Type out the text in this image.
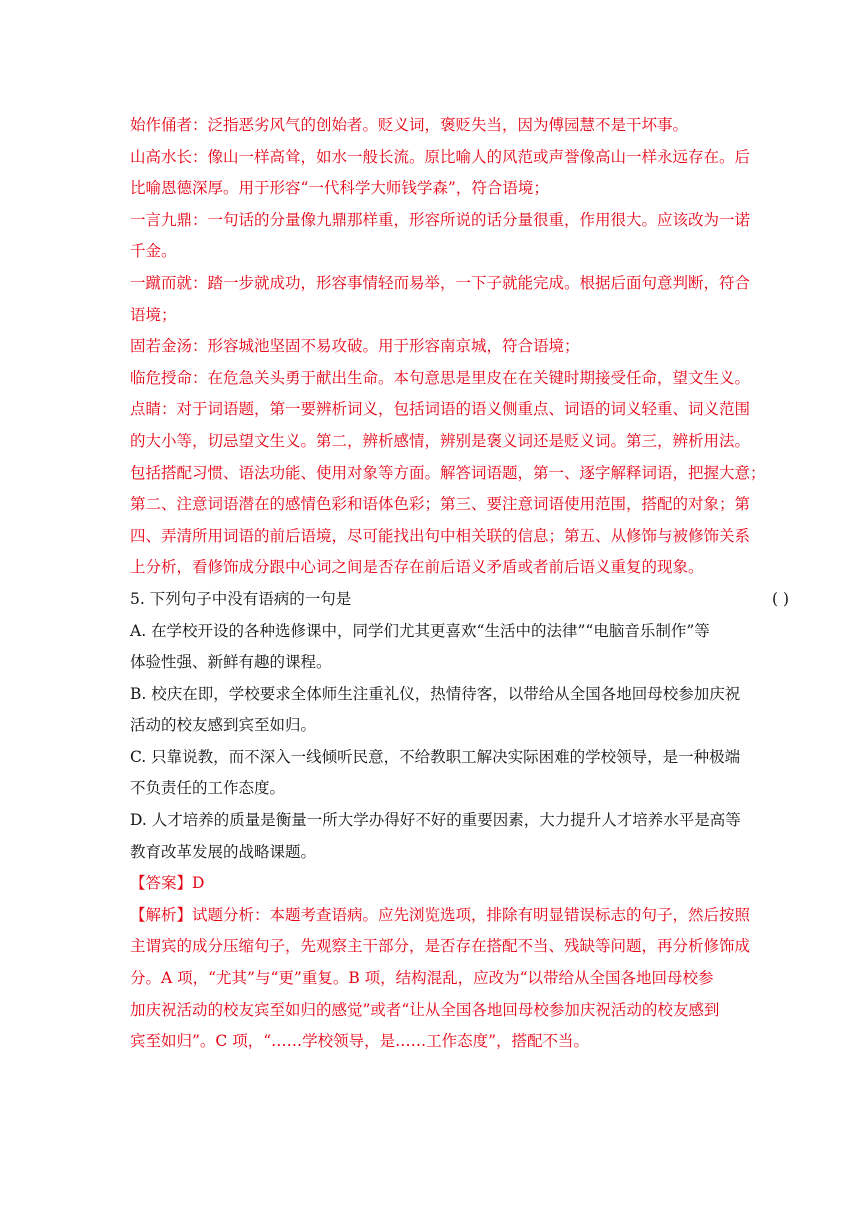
始作俑者：泛指恶劣风气的创始者。贬义词，褒贬失当，因为傅园慧不是干坏事。
山高水长：像山一样高耸，如水一般长流。原比喻人的风范或声誉像高山一样永远存在。后
比喻恩德深厚。用于形容“一代科学大师钱学森”，符合语境；
一言九鼎：一句话的分量像九鼎那样重，形容所说的话分量很重，作用很大。应该改为一诺
千金。
一蹴而就：踏一步就成功，形容事情轻而易举，一下子就能完成。根据后面句意判断，符合
语境；
固若金汤：形容城池坚固不易攻破。用于形容南京城，符合语境；
临危授命：在危急关头勇于献出生命。本句意思是里皮在在关键时期接受任命，望文生义。
点睛：对于词语题，第一要辨析词义，包括词语的语义侧重点、词语的词义轻重、词义范围
的大小等，切忌望文生义。第二，辨析感情，辨别是褒义词还是贬义词。第三，辨析用法。
包括搭配习惯、语法功能、使用对象等方面。解答词语题，第一、逐字解释词语，把握大意；
第二、注意词语潜在的感情色彩和语体色彩；第三、要注意词语使用范围，搭配的对象；第
四、弄清所用词语的前后语境，尽可能找出句中相关联的信息；第五、从修饰与被修饰关系
上分析，看修饰成分跟中心词之间是否存在前后语义矛盾或者前后语义重复的现象。
5. 下列句子中没有语病的一句是	( )
A. 在学校开设的各种选修课中，同学们尤其更喜欢“生活中的法律”“电脑音乐制作”等
体验性强、新鲜有趣的课程。
B. 校庆在即，学校要求全体师生注重礼仪，热情待客，以带给从全国各地回母校参加庆祝
活动的校友感到宾至如归。
C. 只靠说教，而不深入一线倾听民意，不给教职工解决实际困难的学校领导，是一种极端
不负责任的工作态度。
D. 人才培养的质量是衡量一所大学办得好不好的重要因素，大力提升人才培养水平是高等
教育改革发展的战略课题。
【答案】D
【解析】试题分析：本题考查语病。应先浏览选项，排除有明显错误标志的句子，然后按照
主谓宾的成分压缩句子，先观察主干部分，是否存在搭配不当、残缺等问题，再分析修饰成
分。A 项，“尤其”与“更”重复。B 项，结构混乱，应改为“以带给从全国各地回母校参
加庆祝活动的校友宾至如归的感觉”或者“让从全国各地回母校参加庆祝活动的校友感到
宾至如归”。C 项，“……学校领导，是……工作态度”，搭配不当。
